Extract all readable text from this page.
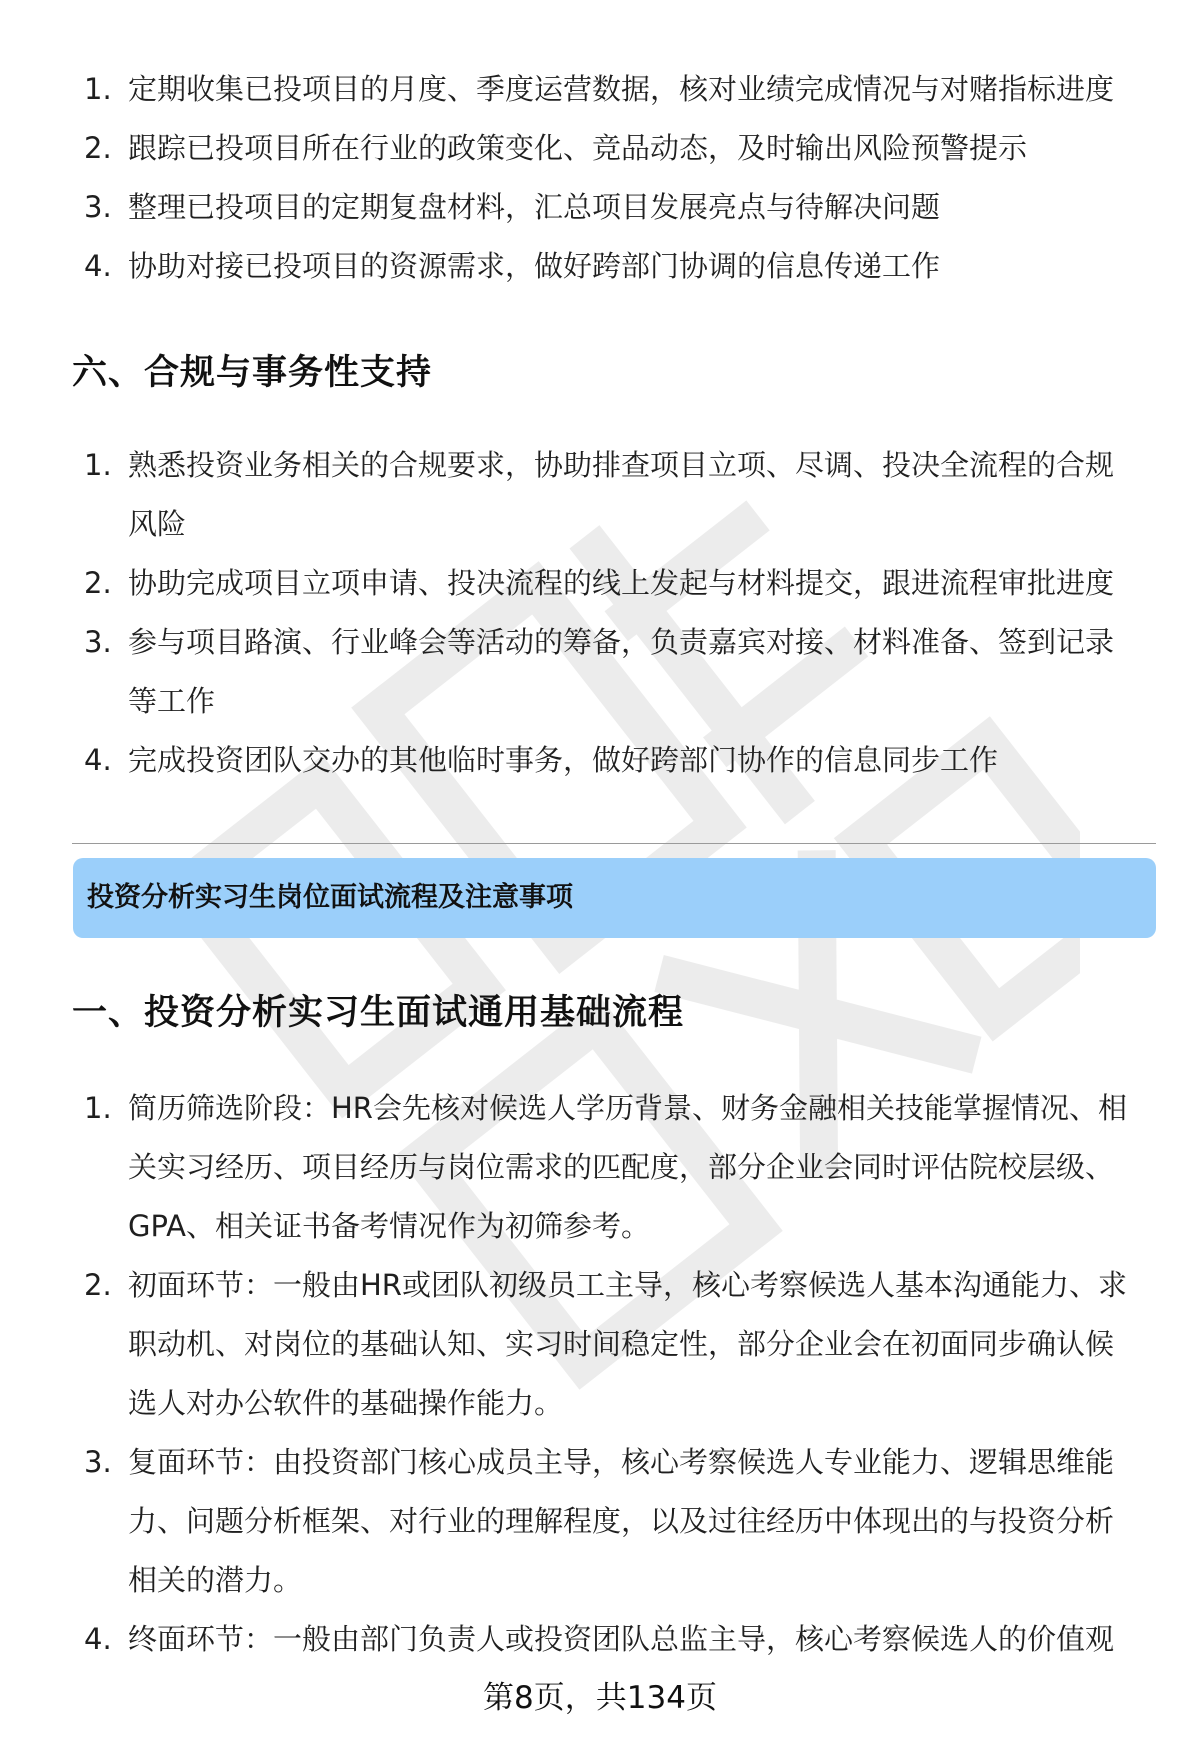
1. 定期收集已投项目的月度、季度运营数据，核对业绩完成情况与对赌指标进度
2. 跟踪已投项目所在行业的政策变化、竞品动态，及时输出风险预警提示
3. 整理已投项目的定期复盘材料，汇总项目发展亮点与待解决问题
4. 协助对接已投项目的资源需求，做好跨部门协调的信息传递工作
六、合规与事务性支持
1. 熟悉投资业务相关的合规要求，协助排查项目立项、尽调、投决全流程的合规
风险
2. 协助完成项目立项申请、投决流程的线上发起与材料提交，跟进流程审批进度
3. 参与项目路演、行业峰会等活动的筹备，负责嘉宾对接、材料准备、签到记录
等工作
4. 完成投资团队交办的其他临时事务，做好跨部门协作的信息同步工作
投资分析实习生岗位面试流程及注意事项
一、投资分析实习生面试通用基础流程
1. 简历筛选阶段：HR会先核对候选人学历背景、财务金融相关技能掌握情况、相
关实习经历、项目经历与岗位需求的匹配度，部分企业会同时评估院校层级、
GPA、相关证书备考情况作为初筛参考。
2. 初面环节：一般由HR或团队初级员工主导，核心考察候选人基本沟通能力、求
职动机、对岗位的基础认知、实习时间稳定性，部分企业会在初面同步确认候
选人对办公软件的基础操作能力。
3. 复面环节：由投资部门核心成员主导，核心考察候选人专业能力、逻辑思维能
力、问题分析框架、对行业的理解程度，以及过往经历中体现出的与投资分析
相关的潜力。
4. 终面环节：一般由部门负责人或投资团队总监主导，核心考察候选人的价值观
第8页，共134页
